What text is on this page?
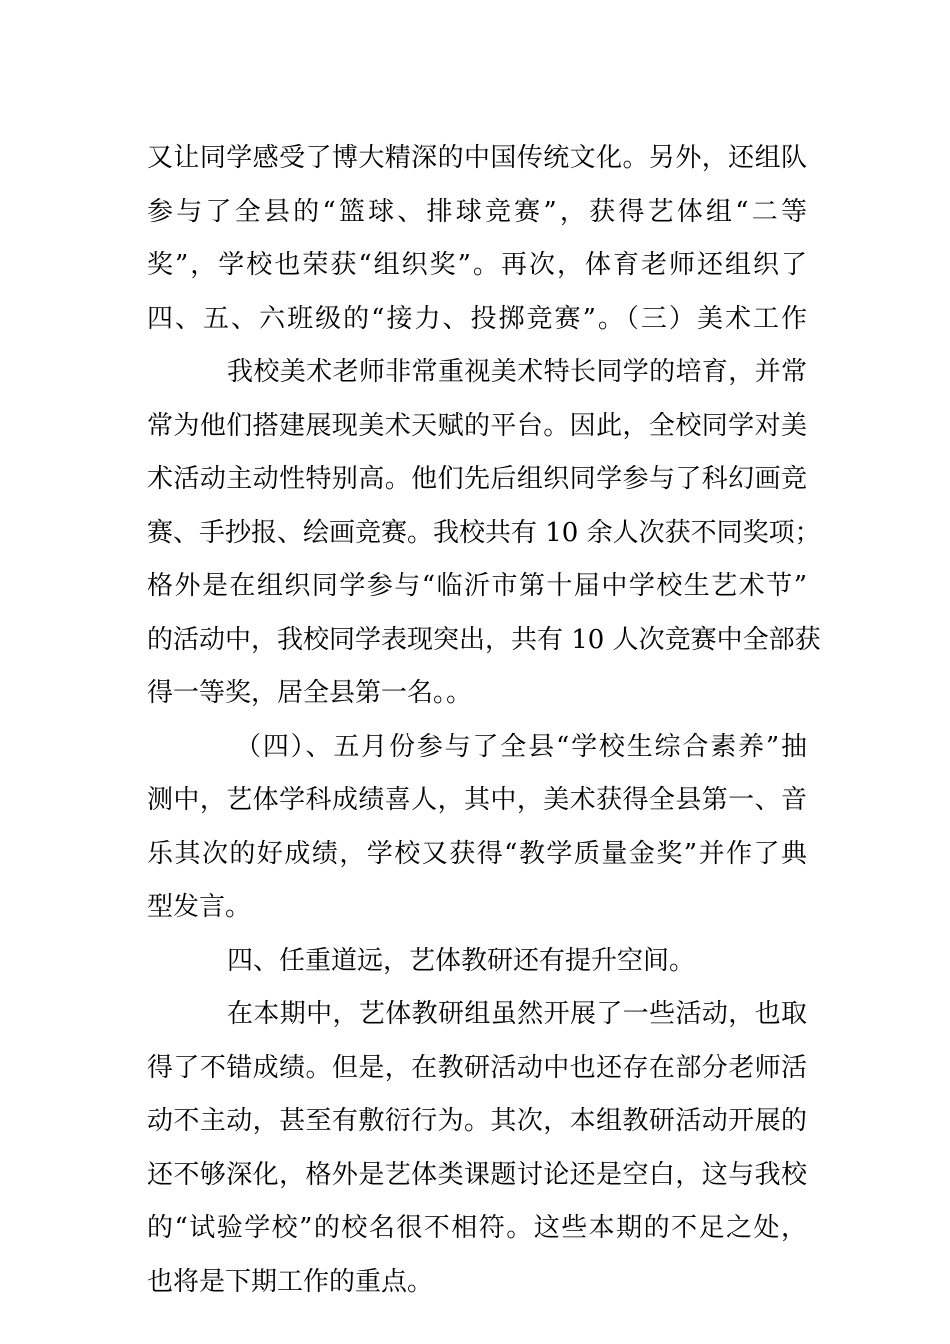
又让同学感受了博大精深的中国传统文化。另外，还组队
参与了全县的“篮球、排球竞赛”，获得艺体组“二等
奖”，学校也荣获“组织奖”。再次，体育老师还组织了
四、五、六班级的“接力、投掷竞赛”。（三）美术工作
我校美术老师非常重视美术特长同学的培育，并常
常为他们搭建展现美术天赋的平台。因此，全校同学对美
术活动主动性特别高。他们先后组织同学参与了科幻画竞
赛、手抄报、绘画竞赛。我校共有 10 余人次获不同奖项；
格外是在组织同学参与“临沂市第十届中学校生艺术节”
的活动中，我校同学表现突出，共有 10 人次竞赛中全部获
得一等奖，居全县第一名。。
（四）、五月份参与了全县“学校生综合素养”抽
测中，艺体学科成绩喜人，其中，美术获得全县第一、音
乐其次的好成绩，学校又获得“教学质量金奖”并作了典
型发言。
四、任重道远，艺体教研还有提升空间。
在本期中，艺体教研组虽然开展了一些活动，也取
得了不错成绩。但是，在教研活动中也还存在部分老师活
动不主动，甚至有敷衍行为。其次，本组教研活动开展的
还不够深化，格外是艺体类课题讨论还是空白，这与我校
的“试验学校”的校名很不相符。这些本期的不足之处，
也将是下期工作的重点。
